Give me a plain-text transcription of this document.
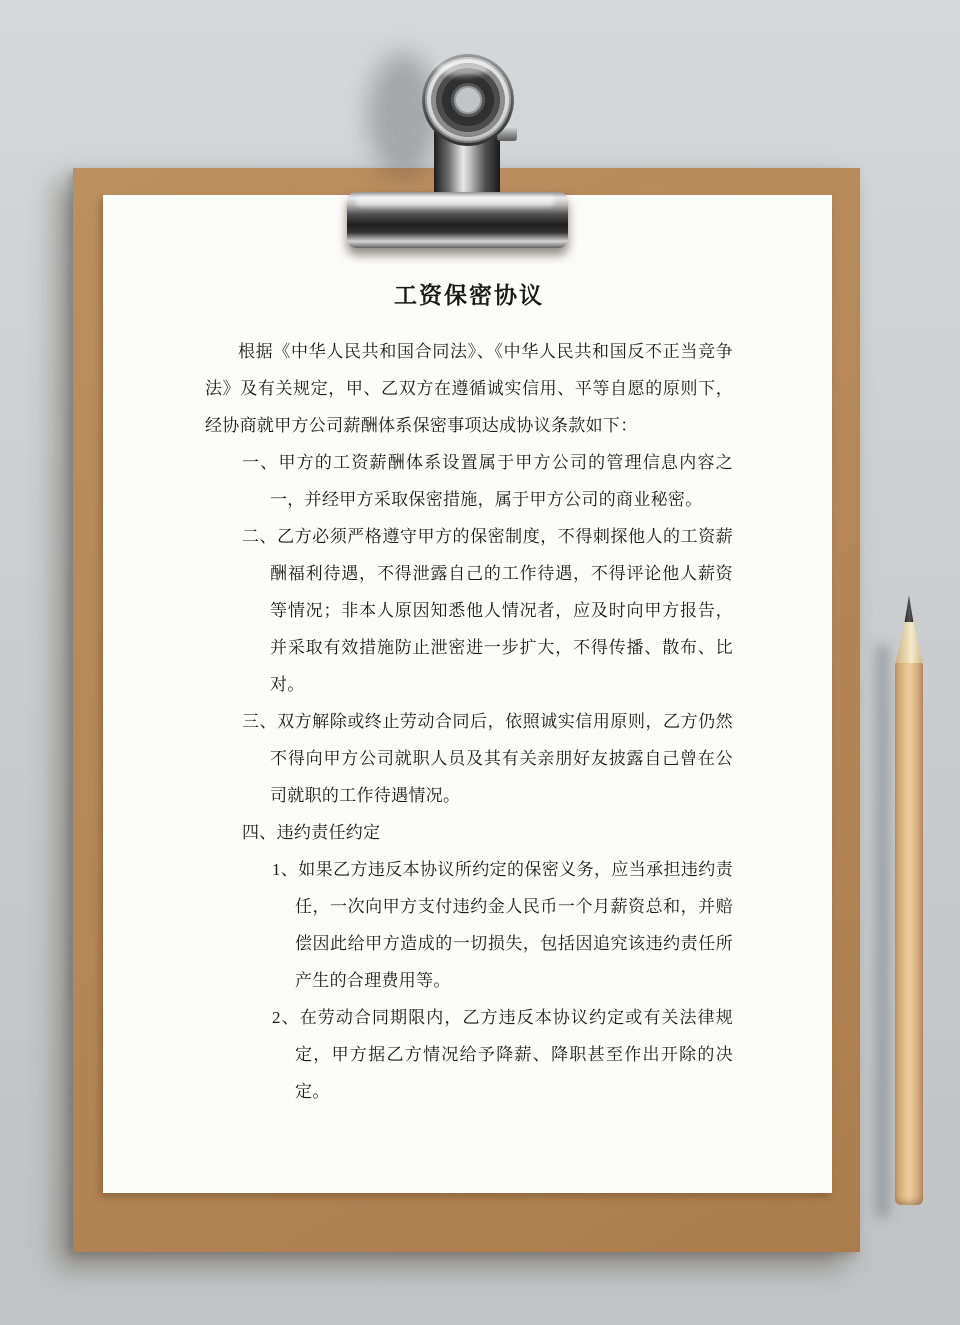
工资保密协议

根据《中华人民共和国合同法》、《中华人民共和国反不正当竞争法》及有关规定，甲、乙双方在遵循诚实信用、平等自愿的原则下，经协商就甲方公司薪酬体系保密事项达成协议条款如下：

一、甲方的工资薪酬体系设置属于甲方公司的管理信息内容之一，并经甲方采取保密措施，属于甲方公司的商业秘密。

二、乙方必须严格遵守甲方的保密制度，不得刺探他人的工资薪酬福利待遇，不得泄露自己的工作待遇，不得评论他人薪资等情况；非本人原因知悉他人情况者，应及时向甲方报告，并采取有效措施防止泄密进一步扩大，不得传播、散布、比对。

三、双方解除或终止劳动合同后，依照诚实信用原则，乙方仍然不得向甲方公司就职人员及其有关亲朋好友披露自己曾在公司就职的工作待遇情况。

四、违约责任约定

1、如果乙方违反本协议所约定的保密义务，应当承担违约责任，一次向甲方支付违约金人民币一个月薪资总和，并赔偿因此给甲方造成的一切损失，包括因追究该违约责任所产生的合理费用等。

2、在劳动合同期限内，乙方违反本协议约定或有关法律规定，甲方据乙方情况给予降薪、降职甚至作出开除的决定。
